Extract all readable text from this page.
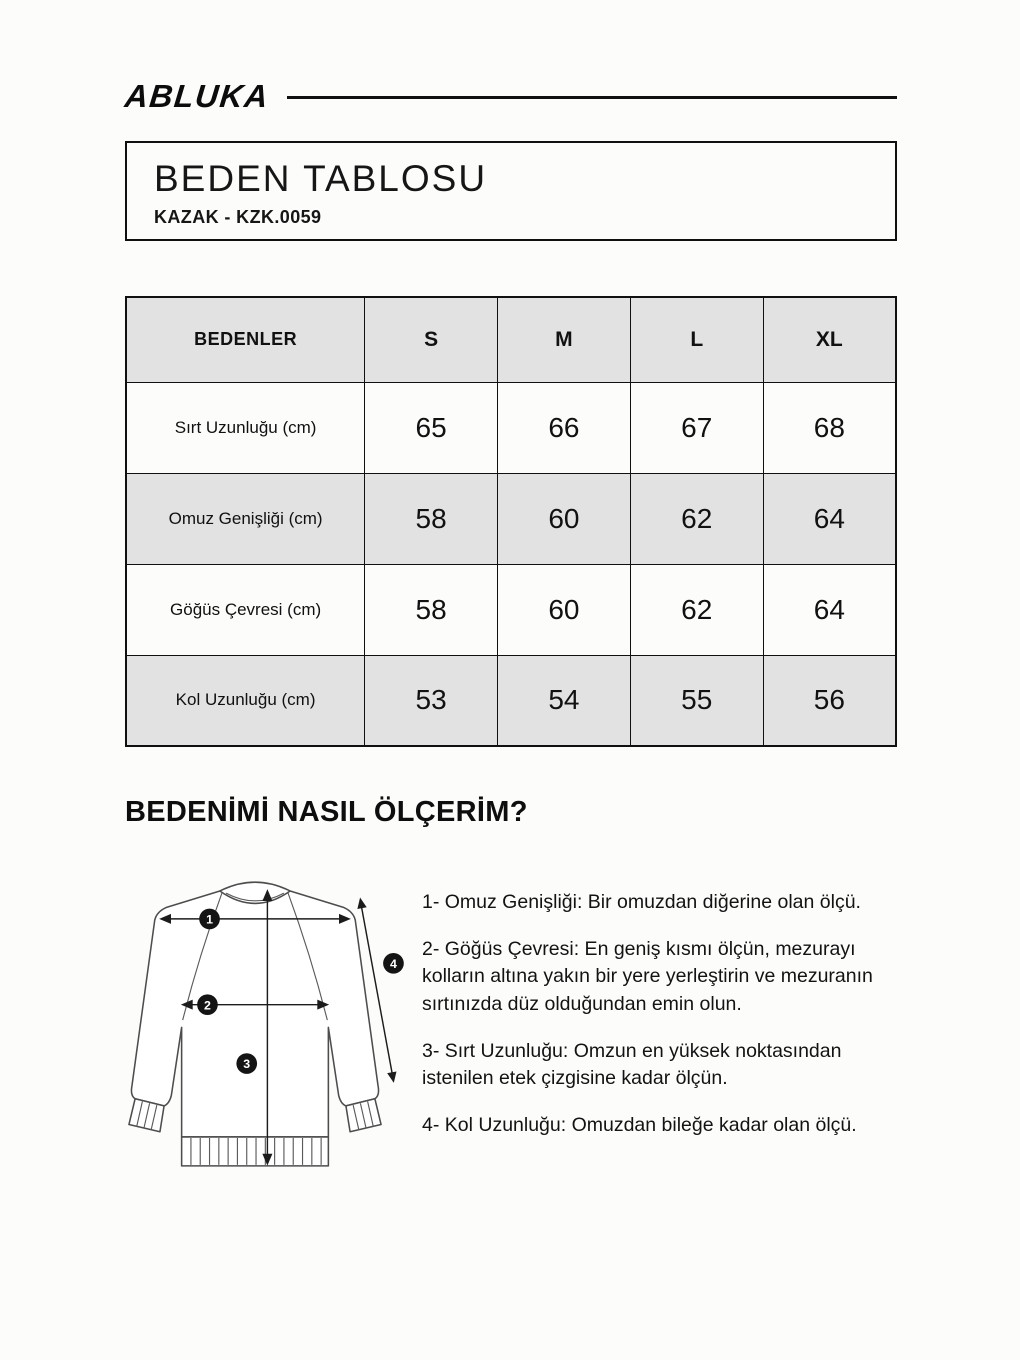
ABLUKA
BEDEN TABLOSU
KAZAK - KZK.0059
BEDENLER	S	M	L	XL
Sırt Uzunluğu (cm)	65	66	67	68
Omuz Genişliği (cm)	58	60	62	64
Göğüs Çevresi (cm)	58	60	62	64
Kol Uzunluğu (cm)	53	54	55	56
BEDENİMİ NASIL ÖLÇERİM?
1
2
3
4

1- Omuz Genişliği: Bir omuzdan diğerine olan ölçü.

2- Göğüs Çevresi: En geniş kısmı ölçün, mezurayı kolların altına yakın bir yere yerleştirin ve mezuranın sırtınızda düz olduğundan emin olun.

3- Sırt Uzunluğu: Omzun en yüksek noktasından istenilen etek çizgisine kadar ölçün.

4- Kol Uzunluğu: Omuzdan bileğe kadar olan ölçü.
